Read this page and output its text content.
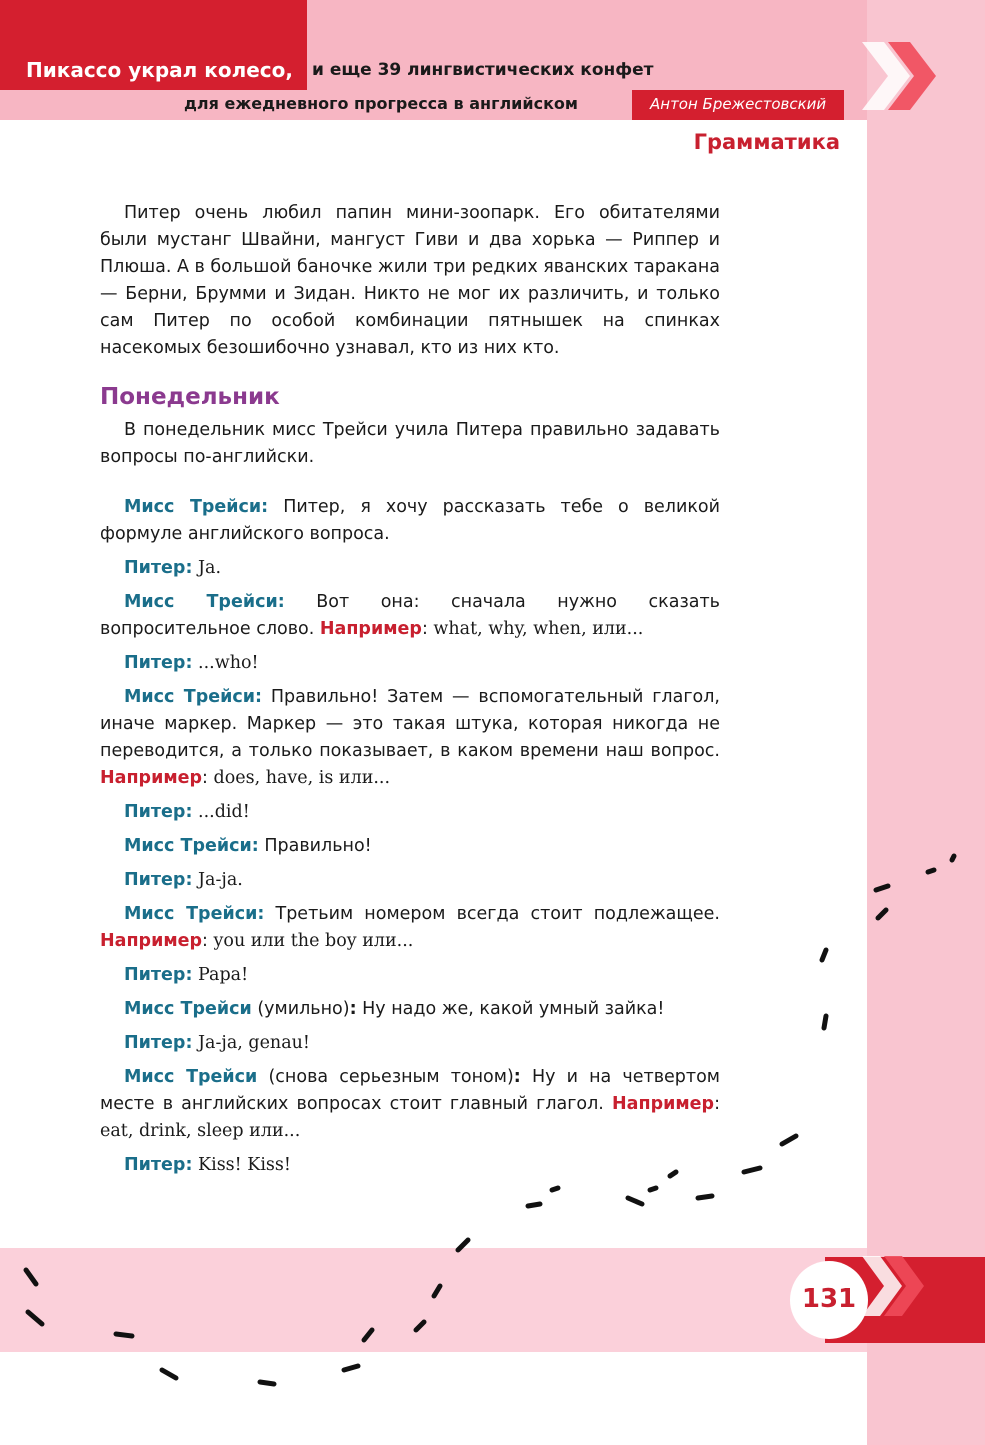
Пикассо украл колесо, и еще 39 лингвистических конфет
для ежедневного прогресса в английском	Антон Брежестовский
Грамматика

Питер очень любил папин мини-зоопарк. Его обитателями были мустанг Швайни, мангуст Гиви и два хорька — Риппер и Плюша. А в большой баночке жили три редких яванских таракана — Берни, Брумми и Зидан. Никто не мог их различить, и только сам Питер по особой комбинации пятнышек на спинках насекомых безошибочно узнавал, кто из них кто.

Понедельник

В понедельник мисс Трейси учила Питера правильно задавать вопросы по-английски.

Мисс Трейси: Питер, я хочу рассказать тебе о великой формуле английского вопроса.

Питер: Ja.

Мисс Трейси: Вот она: сначала нужно сказать вопросительное слово. Например: what, why, when, или...

Питер: ...who!

Мисс Трейси: Правильно! Затем — вспомогательный глагол, иначе маркер. Маркер — это такая штука, которая никогда не переводится, а только показывает, в каком времени наш вопрос. Например: does, have, is или...

Питер: ...did!

Мисс Трейси: Правильно!

Питер: Ja-ja.

Мисс Трейси: Третьим номером всегда стоит подлежащее. Например: you или the boy или...

Питер: Papa!

Мисс Трейси (умильно): Ну надо же, какой умный зайка!

Питер: Ja-ja, genau!

Мисс Трейси (снова серьезным тоном): Ну и на четвертом месте в английских вопросах стоит главный глагол. Например: eat, drink, sleep или...

Питер: Kiss! Kiss!

131
